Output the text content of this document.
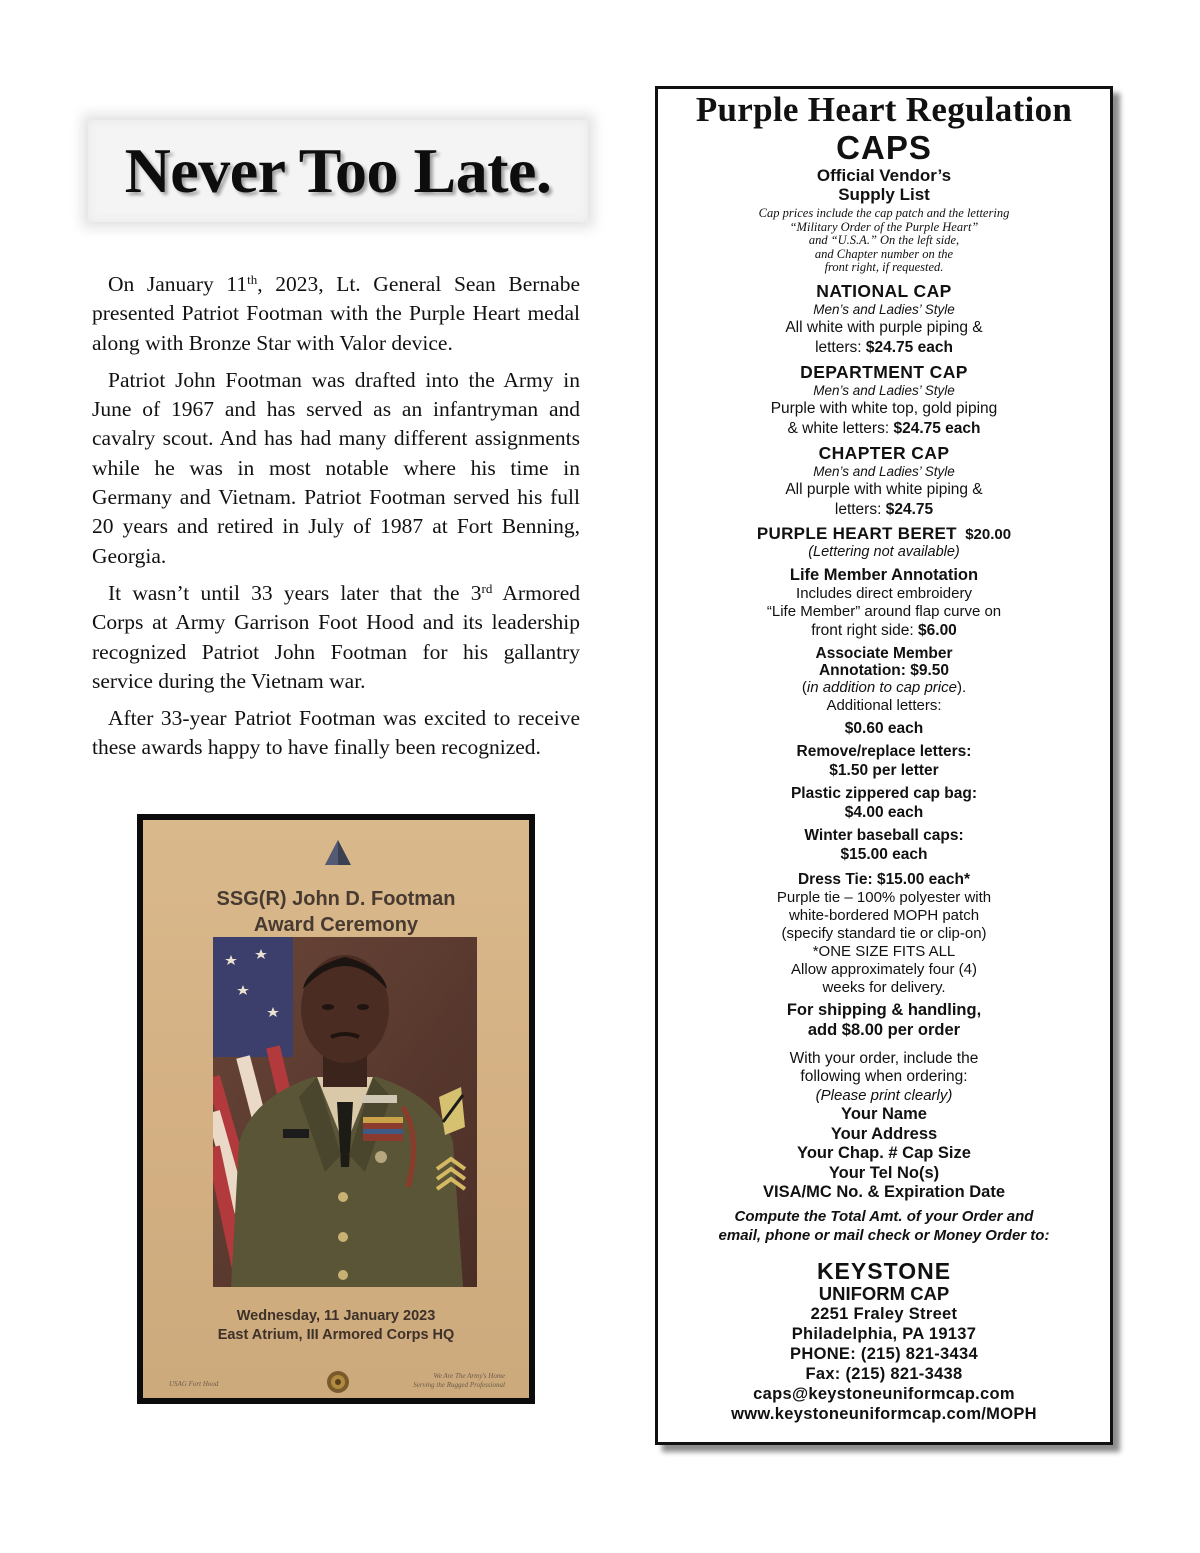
Never Too Late.

On January 11th, 2023, Lt. General Sean Bernabe presented Patriot Footman with the Purple Heart medal along with Bronze Star with Valor device.

Patriot John Footman was drafted into the Army in June of 1967 and has served as an infantryman and cavalry scout. And has had many different assignments while he was in most notable where his time in Germany and Vietnam. Patriot Footman served his full 20 years and retired in July of 1987 at Fort Benning, Georgia.

It wasn’t until 33 years later that the 3rd Armored Corps at Army Garrison Foot Hood and its leadership recognized Patriot John Footman for his gallantry service during the Vietnam war.

After 33-year Patriot Footman was excited to receive these awards happy to have finally been recognized.

SSG(R) John D. Footman
Award Ceremony
Wednesday, 11 January 2023
East Atrium, III Armored Corps HQ
USAG Fort Hood
We Are The Army's Home
Serving the Rugged Professional
Purple Heart Regulation
CAPS
Official Vendor’s
Supply List
Cap prices include the cap patch and the lettering
“Military Order of the Purple Heart”
and “U.S.A.” On the left side,
and Chapter number on the
front right, if requested.
NATIONAL CAP
Men’s and Ladies’ Style
All white with purple piping &
letters: $24.75 each
DEPARTMENT CAP
Men’s and Ladies’ Style
Purple with white top, gold piping
& white letters: $24.75 each
CHAPTER CAP
Men’s and Ladies’ Style
All purple with white piping &
letters: $24.75
PURPLE HEART BERET $20.00
(Lettering not available)
Life Member Annotation
Includes direct embroidery
“Life Member” around flap curve on
front right side: $6.00
Associate Member
Annotation: $9.50
(in addition to cap price).
Additional letters:
$0.60 each
Remove/replace letters:
$1.50 per letter
Plastic zippered cap bag:
$4.00 each
Winter baseball caps:
$15.00 each
Dress Tie: $15.00 each*
Purple tie – 100% polyester with
white-bordered MOPH patch
(specify standard tie or clip-on)
*ONE SIZE FITS ALL
Allow approximately four (4)
weeks for delivery.
For shipping & handling,
add $8.00 per order
With your order, include the
following when ordering:
(Please print clearly)
Your Name
Your Address
Your Chap. # Cap Size
Your Tel No(s)
VISA/MC No. & Expiration Date
Compute the Total Amt. of your Order and
email, phone or mail check or Money Order to:
KEYSTONE
UNIFORM CAP
2251 Fraley Street
Philadelphia, PA 19137
PHONE: (215) 821-3434
Fax: (215) 821-3438
caps@keystoneuniformcap.com
www.keystoneuniformcap.com/MOPH
